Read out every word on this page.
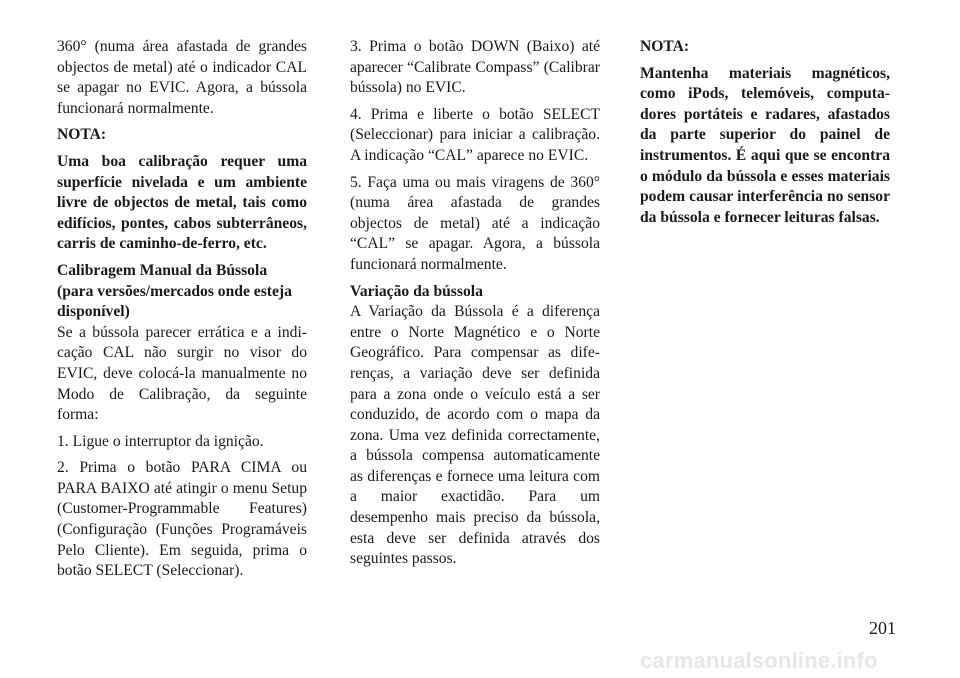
360° (numa área afastada de grandes objectos de metal) até o indicador CAL se apagar no EVIC. Agora, a bússola funcionará normalmente.

NOTA:

Uma boa calibração requer uma superfície nivelada e um ambiente livre de objectos de metal, tais como edifícios, pontes, cabos subterrâneos, carris de caminho-de-ferro, etc.

Calibragem Manual da Bússola (para versões/mercados onde esteja disponível)

Se a bússola parecer errática e a indicação CAL não surgir no visor do EVIC, deve colocá-la manualmente no Modo de Calibração, da seguinte forma:

1. Ligue o interruptor da ignição.

2. Prima o botão PARA CIMA ou PARA BAIXO até atingir o menu Setup (Customer-Programmable Features) (Configuração (Funções Programáveis Pelo Cliente). Em seguida, prima o botão SELECT (Seleccionar).

3. Prima o botão DOWN (Baixo) até aparecer “Calibrate Compass” (Calibrar bússola) no EVIC.

4. Prima e liberte o botão SELECT (Seleccionar) para iniciar a calibração. A indicação “CAL” aparece no EVIC.

5. Faça uma ou mais viragens de 360° (numa área afastada de grandes objectos de metal) até a indicação “CAL” se apagar. Agora, a bússola funcionará normalmente.

Variação da bússola

A Variação da Bússola é a diferença entre o Norte Magnético e o Norte Geográfico. Para compensar as diferenças, a variação deve ser definida para a zona onde o veículo está a ser conduzido, de acordo com o mapa da zona. Uma vez definida correctamente, a bússola compensa automaticamente as diferenças e fornece uma leitura com a maior exactidão. Para um desempenho mais preciso da bússola, esta deve ser definida através dos seguintes passos.

NOTA:

Mantenha materiais magnéticos, como iPods, telemóveis, computadores portáteis e radares, afastados da parte superior do painel de instrumentos. É aqui que se encontra o módulo da bússola e esses materiais podem causar interferência no sensor da bússola e fornecer leituras falsas.

201
carmanualsonline.info
